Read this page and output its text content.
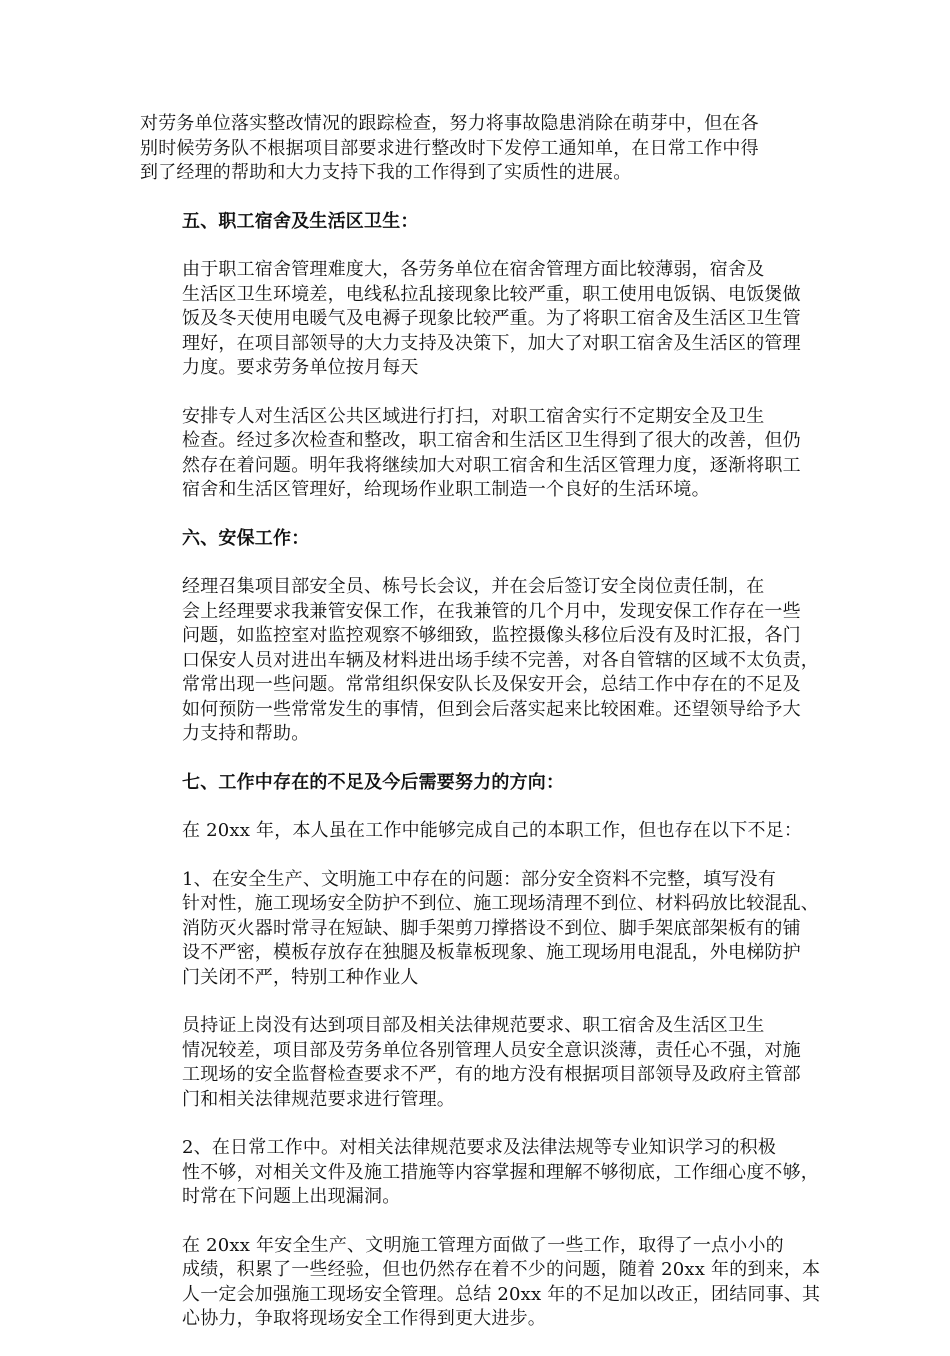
对劳务单位落实整改情况的跟踪检查，努力将事故隐患消除在萌芽中，但在各
别时候劳务队不根据项目部要求进行整改时下发停工通知单，在日常工作中得
到了经理的帮助和大力支持下我的工作得到了实质性的进展。

五、职工宿舍及生活区卫生：

由于职工宿舍管理难度大，各劳务单位在宿舍管理方面比较薄弱，宿舍及
生活区卫生环境差，电线私拉乱接现象比较严重，职工使用电饭锅、电饭煲做
饭及冬天使用电暖气及电褥子现象比较严重。为了将职工宿舍及生活区卫生管
理好，在项目部领导的大力支持及决策下，加大了对职工宿舍及生活区的管理
力度。要求劳务单位按月每天

安排专人对生活区公共区域进行打扫，对职工宿舍实行不定期安全及卫生
检查。经过多次检查和整改，职工宿舍和生活区卫生得到了很大的改善，但仍
然存在着问题。明年我将继续加大对职工宿舍和生活区管理力度，逐渐将职工
宿舍和生活区管理好，给现场作业职工制造一个良好的生活环境。

六、安保工作：

经理召集项目部安全员、栋号长会议，并在会后签订安全岗位责任制，在
会上经理要求我兼管安保工作，在我兼管的几个月中，发现安保工作存在一些
问题，如监控室对监控观察不够细致，监控摄像头移位后没有及时汇报，各门
口保安人员对进出车辆及材料进出场手续不完善，对各自管辖的区域不太负责，
常常出现一些问题。常常组织保安队长及保安开会，总结工作中存在的不足及
如何预防一些常常发生的事情，但到会后落实起来比较困难。还望领导给予大
力支持和帮助。

七、工作中存在的不足及今后需要努力的方向：

在 20xx 年，本人虽在工作中能够完成自己的本职工作，但也存在以下不足：

1、在安全生产、文明施工中存在的问题：部分安全资料不完整，填写没有
针对性，施工现场安全防护不到位、施工现场清理不到位、材料码放比较混乱、
消防灭火器时常寻在短缺、脚手架剪刀撑搭设不到位、脚手架底部架板有的铺
设不严密，模板存放存在独腿及板靠板现象、施工现场用电混乱，外电梯防护
门关闭不严，特别工种作业人

员持证上岗没有达到项目部及相关法律规范要求、职工宿舍及生活区卫生
情况较差，项目部及劳务单位各别管理人员安全意识淡薄，责任心不强，对施
工现场的安全监督检查要求不严，有的地方没有根据项目部领导及政府主管部
门和相关法律规范要求进行管理。

2、在日常工作中。对相关法律规范要求及法律法规等专业知识学习的积极
性不够，对相关文件及施工措施等内容掌握和理解不够彻底，工作细心度不够，
时常在下问题上出现漏洞。

在 20xx 年安全生产、文明施工管理方面做了一些工作，取得了一点小小的
成绩，积累了一些经验，但也仍然存在着不少的问题，随着 20xx 年的到来，本
人一定会加强施工现场安全管理。总结 20xx 年的不足加以改正，团结同事、其
心协力，争取将现场安全工作得到更大进步。
